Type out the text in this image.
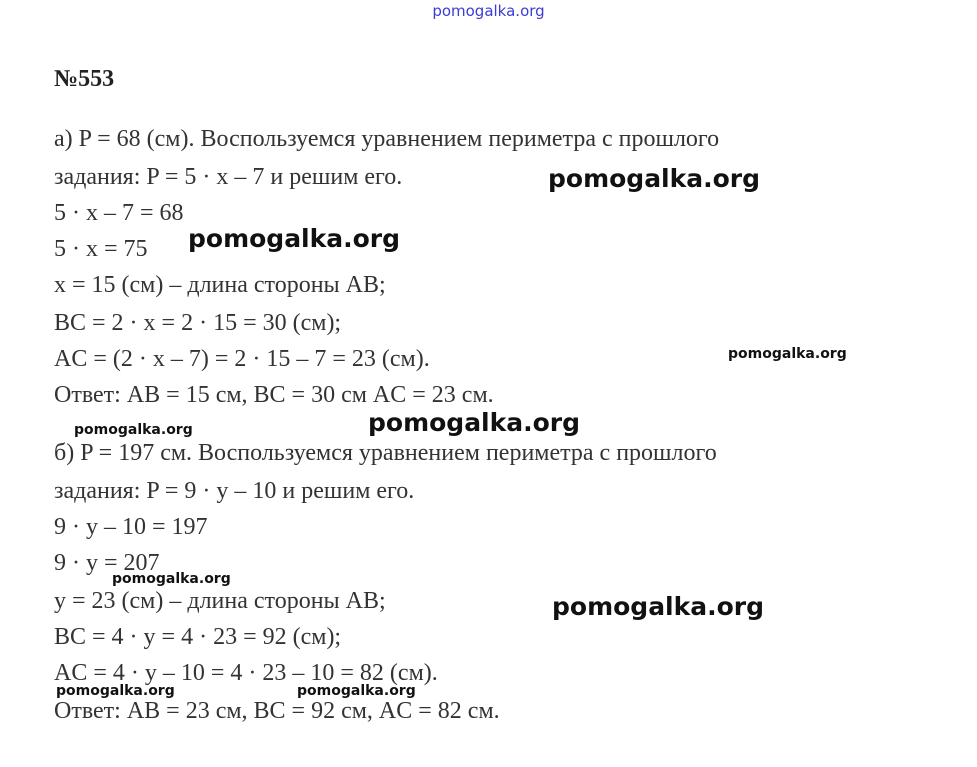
pomogalka.org
№553
а) P = 68 (см). Воспользуемся уравнением периметра с прошлого
задания: P = 5 · x – 7 и решим его.
5 · x – 7 = 68
5 · x = 75
x = 15 (см) – длина стороны AB;
BC = 2 · x = 2 · 15 = 30 (см);
AC = (2 · x – 7) = 2 · 15 – 7 = 23 (см).
Ответ: AB = 15 см, BC = 30 см AC = 23 см.
б) P = 197 см. Воспользуемся уравнением периметра с прошлого
задания: P = 9 · y – 10 и решим его.
9 · y – 10 = 197
9 · y = 207
y = 23 (см) – длина стороны AB;
BC = 4 · y = 4 · 23 = 92 (см);
AC = 4 · y – 10 = 4 · 23 – 10 = 82 (см).
Ответ: AB = 23 см, BC = 92 см, AC = 82 см.
pomogalka.org
pomogalka.org
pomogalka.org
pomogalka.org
pomogalka.org
pomogalka.org
pomogalka.org
pomogalka.org	pomogalka.org
